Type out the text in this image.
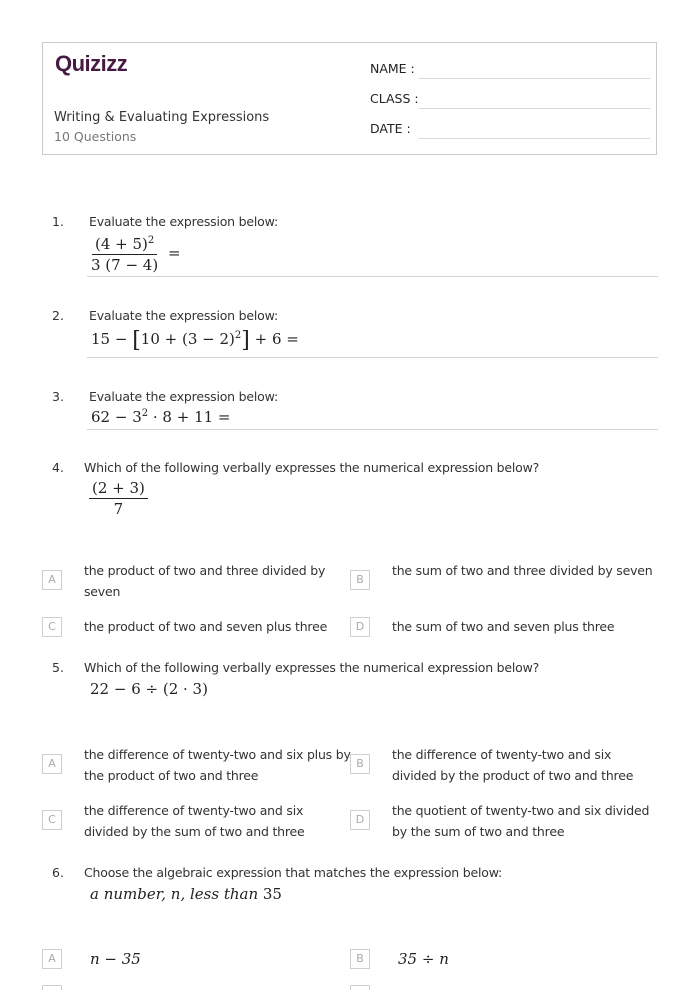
Quizizz
Writing & Evaluating Expressions
10 Questions
NAME :
CLASS :
DATE :
1. Evaluate the expression below:
$\frac{(4 + 5)^2}{3 (7 - 4)}$ =
2. Evaluate the expression below:
$15 - [10 + (3 - 2)^2] + 6$ =
3. Evaluate the expression below:
$62 - 3^2 \cdot 8 + 11$ =
4. Which of the following verbally expresses the numerical expression below?
$\frac{(2 + 3)}{7}$
A
the product of two and three divided by seven
B
the sum of two and three divided by seven
C	the product of two and seven plus three	D	the sum of two and seven plus three
5. Which of the following verbally expresses the numerical expression below?
22 − 6 ÷ (2 · 3)
A
the difference of twenty-two and six plus by the product of two and three
B
the difference of twenty-two and six divided by the product of two and three
C
the difference of twenty-two and six divided by the sum of two and three
D
the quotient of twenty-two and six divided by the sum of two and three
6. Choose the algebraic expression that matches the expression below:
a number, n, less than 35
A	n − 35	B	35 ÷ n
